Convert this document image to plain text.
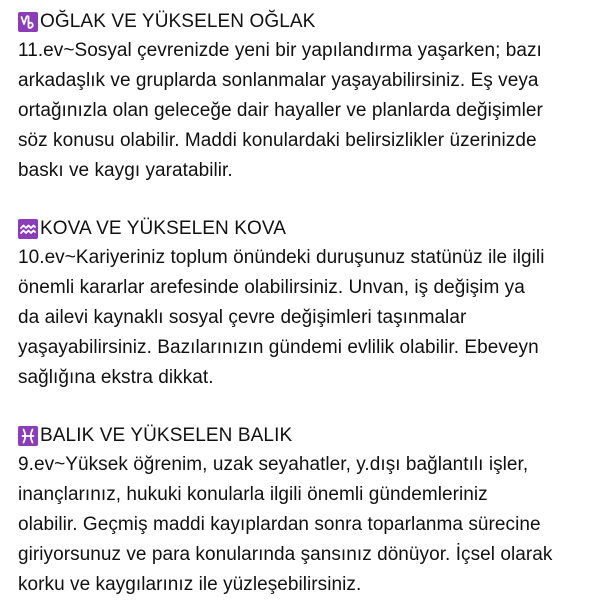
OĞLAK VE YÜKSELEN OĞLAK
11.ev~Sosyal çevrenizde yeni bir yapılandırma yaşarken; bazı
arkadaşlık ve gruplarda sonlanmalar yaşayabilirsiniz. Eş veya
ortağınızla olan geleceğe dair hayaller ve planlarda değişimler
söz konusu olabilir. Maddi konulardaki belirsizlikler üzerinizde
baskı ve kaygı yaratabilir.
KOVA VE YÜKSELEN KOVA
10.ev~Kariyeriniz toplum önündeki duruşunuz statünüz ile ilgili
önemli kararlar arefesinde olabilirsiniz. Unvan, iş değişim ya
da ailevi kaynaklı sosyal çevre değişimleri taşınmalar
yaşayabilirsiniz. Bazılarınızın gündemi evlilik olabilir. Ebeveyn
sağlığına ekstra dikkat.
BALIK VE YÜKSELEN BALIK
9.ev~Yüksek öğrenim, uzak seyahatler, y.dışı bağlantılı işler,
inançlarınız, hukuki konularla ilgili önemli gündemleriniz
olabilir. Geçmiş maddi kayıplardan sonra toparlanma sürecine
giriyorsunuz ve para konularında şansınız dönüyor. İçsel olarak
korku ve kaygılarınız ile yüzleşebilirsiniz.
